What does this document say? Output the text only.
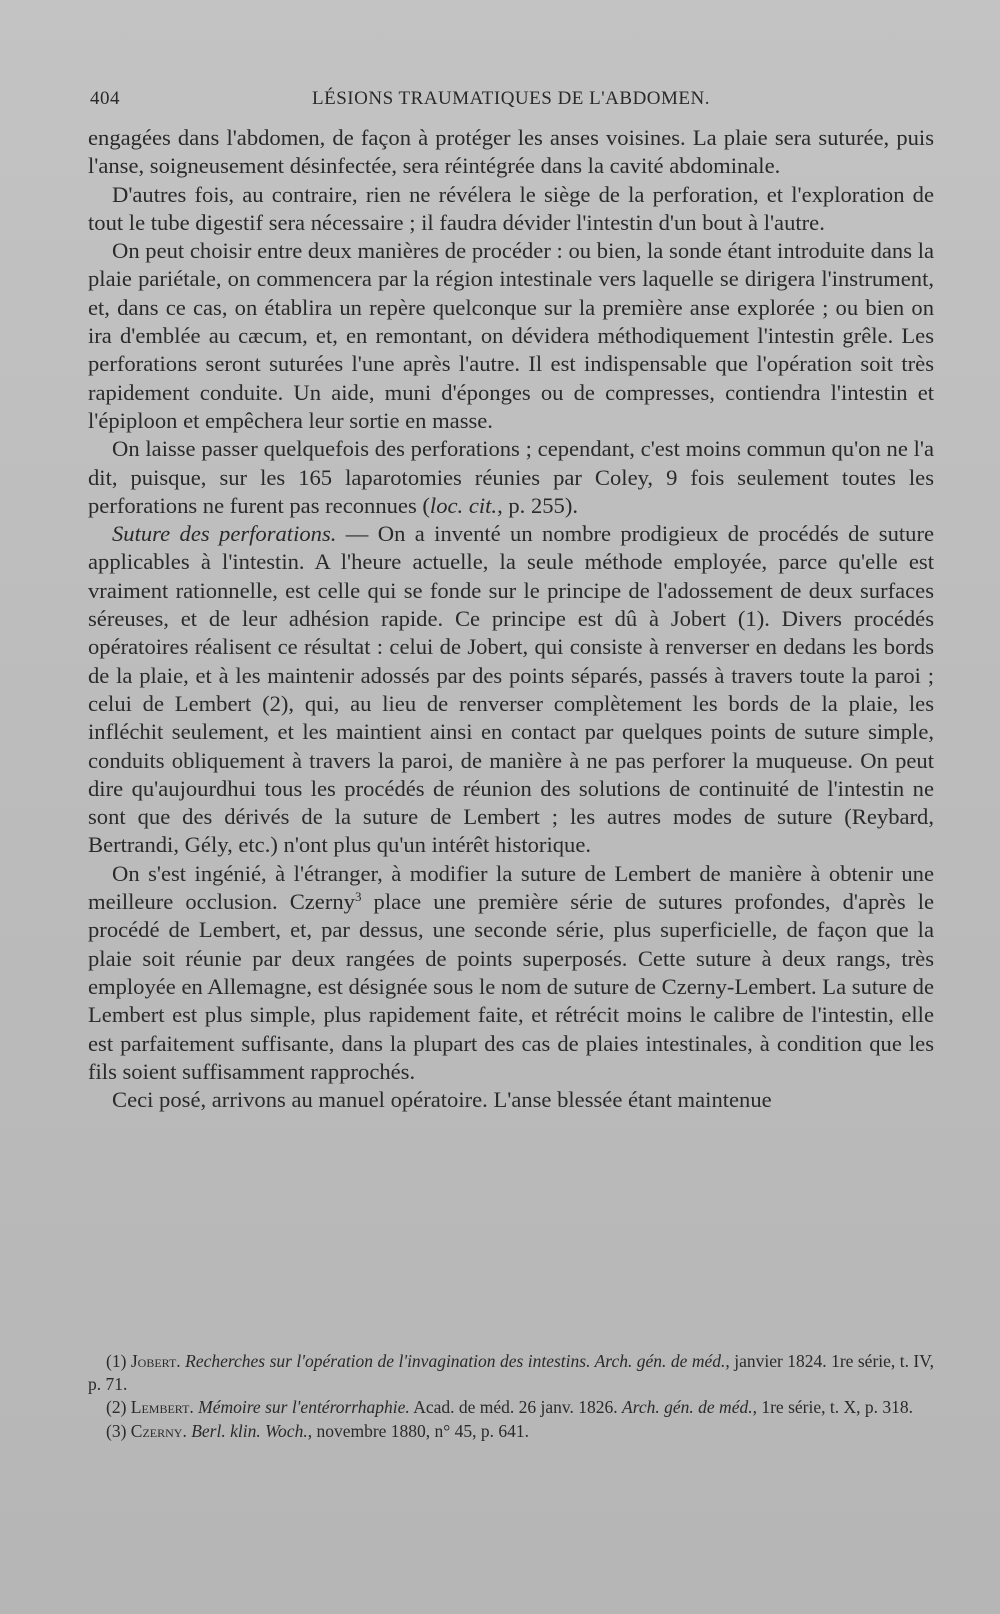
404	LÉSIONS TRAUMATIQUES DE L'ABDOMEN.

engagées dans l'abdomen, de façon à protéger les anses voisines. La plaie sera suturée, puis l'anse, soigneusement désinfectée, sera réintégrée dans la cavité abdominale.

D'autres fois, au contraire, rien ne révélera le siège de la perforation, et l'exploration de tout le tube digestif sera nécessaire ; il faudra dévider l'intestin d'un bout à l'autre.

On peut choisir entre deux manières de procéder : ou bien, la sonde étant introduite dans la plaie pariétale, on commencera par la région intestinale vers laquelle se dirigera l'instrument, et, dans ce cas, on établira un repère quelconque sur la première anse explorée ; ou bien on ira d'emblée au cæcum, et, en remontant, on dévidera méthodiquement l'intestin grêle. Les perforations seront suturées l'une après l'autre. Il est indispensable que l'opération soit très rapidement conduite. Un aide, muni d'éponges ou de compresses, contiendra l'intestin et l'épiploon et empêchera leur sortie en masse.

On laisse passer quelquefois des perforations ; cependant, c'est moins commun qu'on ne l'a dit, puisque, sur les 165 laparotomies réunies par Coley, 9 fois seulement toutes les perforations ne furent pas reconnues (loc. cit., p. 255).

Suture des perforations. — On a inventé un nombre prodigieux de procédés de suture applicables à l'intestin. A l'heure actuelle, la seule méthode employée, parce qu'elle est vraiment rationnelle, est celle qui se fonde sur le principe de l'adossement de deux surfaces séreuses, et de leur adhésion rapide. Ce principe est dû à Jobert (1). Divers procédés opératoires réalisent ce résultat : celui de Jobert, qui consiste à renverser en dedans les bords de la plaie, et à les maintenir adossés par des points séparés, passés à travers toute la paroi ; celui de Lembert (2), qui, au lieu de renverser complètement les bords de la plaie, les infléchit seulement, et les maintient ainsi en contact par quelques points de suture simple, conduits obliquement à travers la paroi, de manière à ne pas perforer la muqueuse. On peut dire qu'aujourdhui tous les procédés de réunion des solutions de continuité de l'intestin ne sont que des dérivés de la suture de Lembert ; les autres modes de suture (Reybard, Bertrandi, Gély, etc.) n'ont plus qu'un intérêt historique.

On s'est ingénié, à l'étranger, à modifier la suture de Lembert de manière à obtenir une meilleure occlusion. Czerny$^3$ place une première série de sutures profondes, d'après le procédé de Lembert, et, par dessus, une seconde série, plus superficielle, de façon que la plaie soit réunie par deux rangées de points superposés. Cette suture à deux rangs, très employée en Allemagne, est désignée sous le nom de suture de Czerny-Lembert. La suture de Lembert est plus simple, plus rapidement faite, et rétrécit moins le calibre de l'intestin, elle est parfaitement suffisante, dans la plupart des cas de plaies intestinales, à condition que les fils soient suffisamment rapprochés.

Ceci posé, arrivons au manuel opératoire. L'anse blessée étant maintenue

(1) Jobert. Recherches sur l'opération de l'invagination des intestins. Arch. gén. de méd., janvier 1824. 1re série, t. IV, p. 71.

(2) Lembert. Mémoire sur l'entérorrhaphie. Acad. de méd. 26 janv. 1826. Arch. gén. de méd., 1re série, t. X, p. 318.

(3) Czerny. Berl. klin. Woch., novembre 1880, n° 45, p. 641.
